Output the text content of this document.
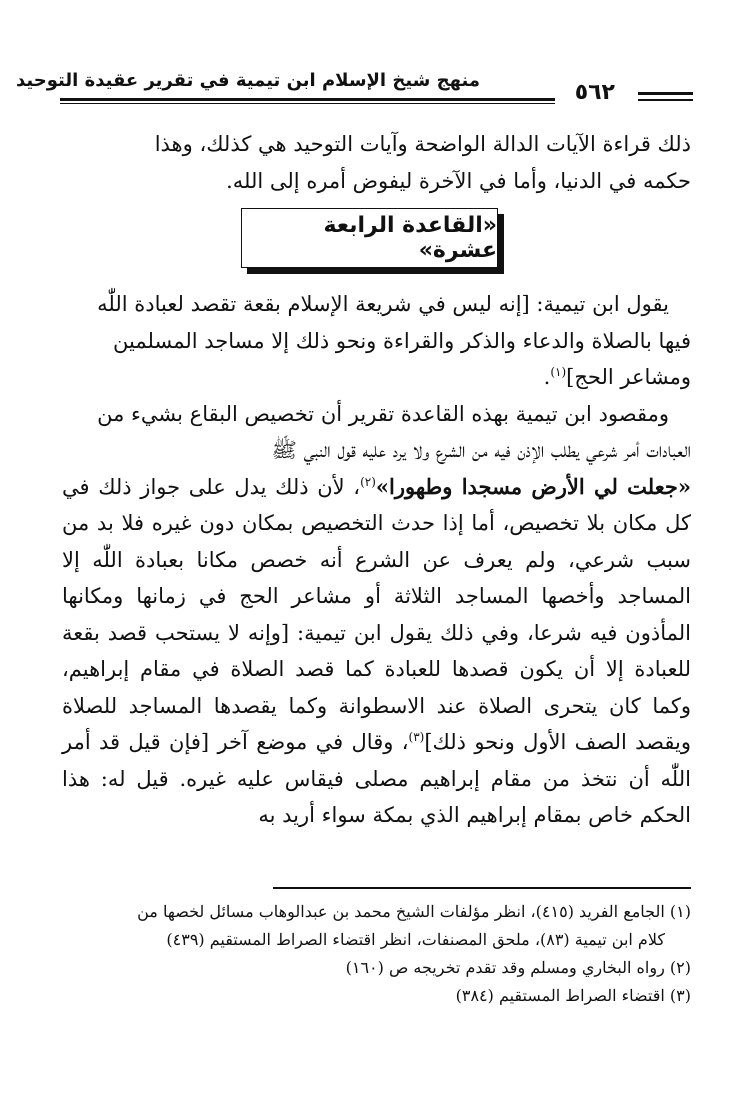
منهج شيخ الإسلام ابن تيمية في تقرير عقيدة التوحيد	٥٦٢

ذلك قراءة الآيات الدالة الواضحة وآيات التوحيد هي كذلك، وهذا

حكمه في الدنيا، وأما في الآخرة ليفوض أمره إلى الله.

«القاعدة الرابعة عشرة»

يقول ابن تيمية: [إنه ليس في شريعة الإسلام بقعة تقصد لعبادة اللّٰه

فيها بالصلاة والدعاء والذكر والقراءة ونحو ذلك إلا مساجد المسلمين

ومشاعر الحج]$^{(١)}$.

ومقصود ابن تيمية بهذه القاعدة تقرير أن تخصيص البقاع بشيء من

العبادات أمر شرعي يطلب الإذن فيه من الشرع ولا يرد عليه قول النبي ﷺ

«جعلت لي الأرض مسجدا وطهورا»$^{(٢)}$، لأن ذلك يدل على جواز ذلك في كل مكان بلا تخصيص، أما إذا حدث التخصيص بمكان دون غيره فلا بد من سبب شرعي، ولم يعرف عن الشرع أنه خصص مكانا بعبادة اللّٰه إلا المساجد وأخصها المساجد الثلاثة أو مشاعر الحج في زمانها ومكانها المأذون فيه شرعا، وفي ذلك يقول ابن تيمية: [وإنه لا يستحب قصد بقعة للعبادة إلا أن يكون قصدها للعبادة كما قصد الصلاة في مقام إبراهيم، وكما كان يتحرى الصلاة عند الاسطوانة وكما يقصدها المساجد للصلاة ويقصد الصف الأول ونحو ذلك]$^{(٣)}$، وقال في موضع آخر [فإن قيل قد أمر اللّٰه أن نتخذ من مقام إبراهيم مصلى فيقاس عليه غيره. قيل له: هذا الحكم خاص بمقام إبراهيم الذي بمكة سواء أريد به

(١) الجامع الفريد (٤١٥)، انظر مؤلفات الشيخ محمد بن عبدالوهاب مسائل لخصها من

كلام ابن تيمية (٨٣)، ملحق المصنفات، انظر اقتضاء الصراط المستقيم (٤٣٩)

(٢) رواه البخاري ومسلم وقد تقدم تخريجه ص (١٦٠)

(٣) اقتضاء الصراط المستقيم (٣٨٤)
